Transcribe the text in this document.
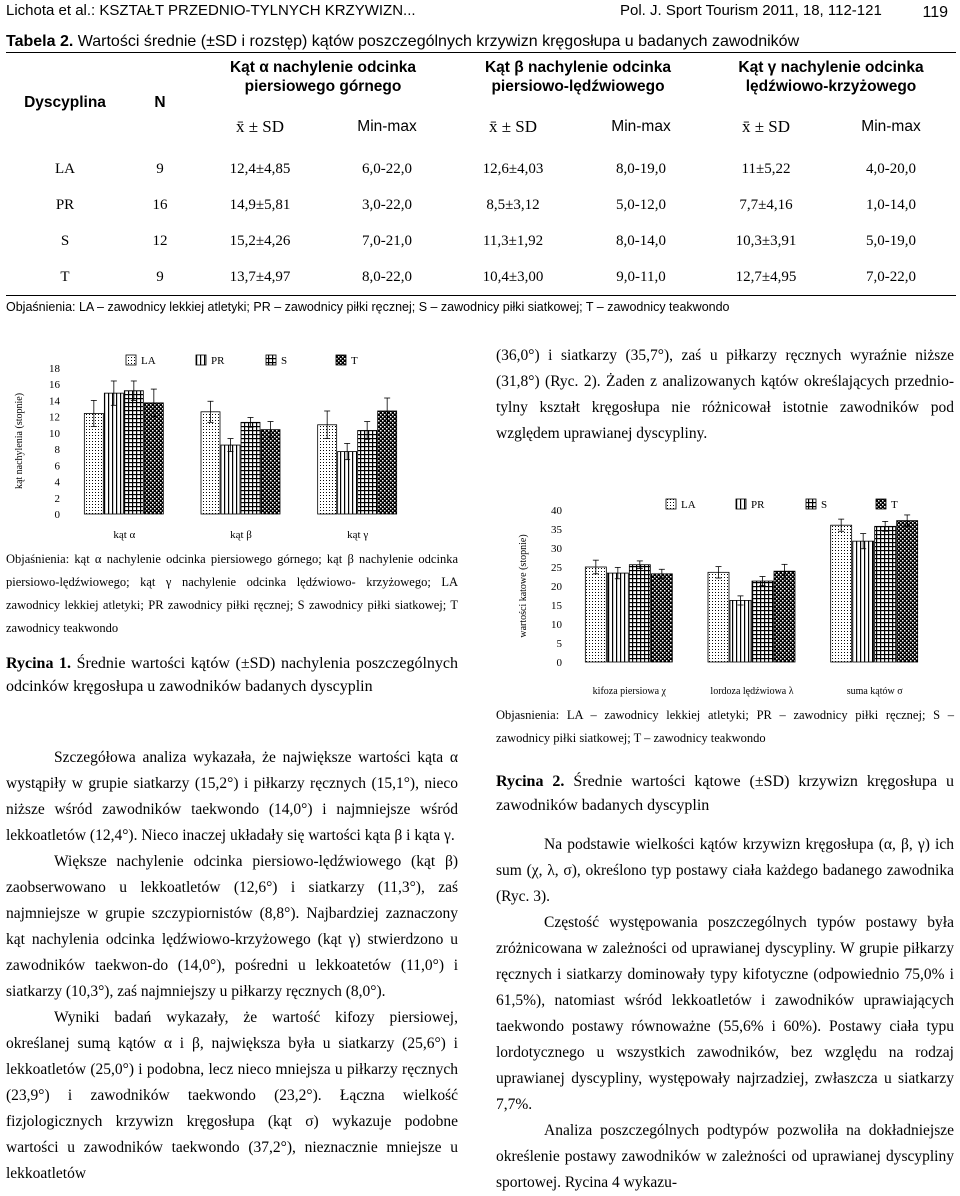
Lichota et al.: KSZTAŁT PRZEDNIO-TYLNYCH KRZYWIZN...	Pol. J. Sport Tourism 2011, 18, 112-121	119
Tabela 2. Wartości średnie (±SD i rozstęp) kątów poszczególnych krzywizn kręgosłupa u badanych zawodników
Dyscyplina	N	Kąt α nachylenie odcinka piersiowego górnego		Kąt β nachylenie odcinka piersiowo-lędźwiowego		Kąt γ nachylenie odcinka lędźwiowo-krzyżowego	
		x̄ ± SD	Min-max	x̄ ± SD	Min-max	x̄ ± SD	Min-max
LA	9	12,4±4,85	6,0-22,0	12,6±4,03	8,0-19,0	11±5,22	4,0-20,0
PR	16	14,9±5,81	3,0-22,0	8,5±3,12	5,0-12,0	7,7±4,16	1,0-14,0
S	12	15,2±4,26	7,0-21,0	11,3±1,92	8,0-14,0	10,3±3,91	5,0-19,0
T	9	13,7±4,97	8,0-22,0	10,4±3,00	9,0-11,0	12,7±4,95	7,0-22,0
Objaśnienia: LA – zawodnicy lekkiej atletyki; PR – zawodnicy piłki ręcznej; S – zawodnicy piłki siatkowej; T – zawodnicy teakwondo
kąt nachylenia (stopnie)
0
2
4
6
8
10
12
14
16
18
LA	PR	S	T
kąt α	kąt β	kąt γ
Objaśnienia: kąt α nachylenie odcinka piersiowego górnego; kąt β nachylenie odcinka piersiowo-lędźwiowego; kąt γ nachylenie odcinka lędźwiowo- krzyżowego; LA zawodnicy lekkiej atletyki; PR zawodnicy piłki ręcznej; S zawodnicy piłki siatkowej; T zawodnicy teakwondo
Rycina 1. Średnie wartości kątów (±SD) nachylenia poszczególnych odcinków kręgosłupa u zawodników badanych dyscyplin

Szczegółowa analiza wykazała, że największe wartości kąta α wystąpiły w grupie siatkarzy (15,2°) i piłkarzy ręcznych (15,1°), nieco niższe wśród zawodników taekwondo (14,0°) i najmniejsze wśród lekkoatletów (12,4°). Nieco inaczej układały się wartości kąta β i kąta γ.

Większe nachylenie odcinka piersiowo-lędźwiowego (kąt β) zaobserwowano u lekkoatletów (12,6°) i siatkarzy (11,3°), zaś najmniejsze w grupie szczypiornistów (8,8°). Najbardziej zaznaczony kąt nachylenia odcinka lędźwiowo-krzyżowego (kąt γ) stwierdzono u zawodników taekwon-do (14,0°), pośredni u lekkoatetów (11,0°) i siatkarzy (10,3°), zaś najmniejszy u piłkarzy ręcznych (8,0°).

Wyniki badań wykazały, że wartość kifozy piersiowej, określanej sumą kątów α i β, największa była u siatkarzy (25,6°) i lekkoatletów (25,0°) i podobna, lecz nieco mniejsza u piłkarzy ręcznych (23,9°) i zawodników taekwondo (23,2°). Łączna wielkość fizjologicznych krzywizn kręgosłupa (kąt σ) wykazuje podobne wartości u zawodników taekwondo (37,2°), nieznacznie mniejsze u lekkoatletów

(36,0°) i siatkarzy (35,7°), zaś u piłkarzy ręcznych wyraźnie niższe (31,8°) (Ryc. 2). Żaden z analizowanych kątów określających przednio-tylny kształt kręgosłupa nie różnicował istotnie zawodników pod względem uprawianej dyscypliny.

wartości katowe (stopnie)
0
5
10
15
20
25
30
35
40	LA	PR	S	T
kifoza piersiowa χ	lordoza lędźwiowa λ	suma kątów σ
Objasnienia: LA – zawodnicy lekkiej atletyki; PR – zawodnicy piłki ręcznej; S – zawodnicy piłki siatkowej; T – zawodnicy teakwondo
Rycina 2. Średnie wartości kątowe (±SD) krzywizn kręgosłupa u zawodników badanych dyscyplin

Na podstawie wielkości kątów krzywizn kręgosłupa (α, β, γ) ich sum (χ, λ, σ), określono typ postawy ciała każdego badanego zawodnika (Ryc. 3).

Częstość występowania poszczególnych typów postawy była zróżnicowana w zależności od uprawianej dyscypliny. W grupie piłkarzy ręcznych i siatkarzy dominowały typy kifotyczne (odpowiednio 75,0% i 61,5%), natomiast wśród lekkoatletów i zawodników uprawiających taekwondo postawy równoważne (55,6% i 60%). Postawy ciała typu lordotycznego u wszystkich zawodników, bez względu na rodzaj uprawianej dyscypliny, występowały najrzadziej, zwłaszcza u siatkarzy 7,7%.

Analiza poszczególnych podtypów pozwoliła na dokładniejsze określenie postawy zawodników w zależności od uprawianej dyscypliny sportowej. Rycina 4 wykazu-
